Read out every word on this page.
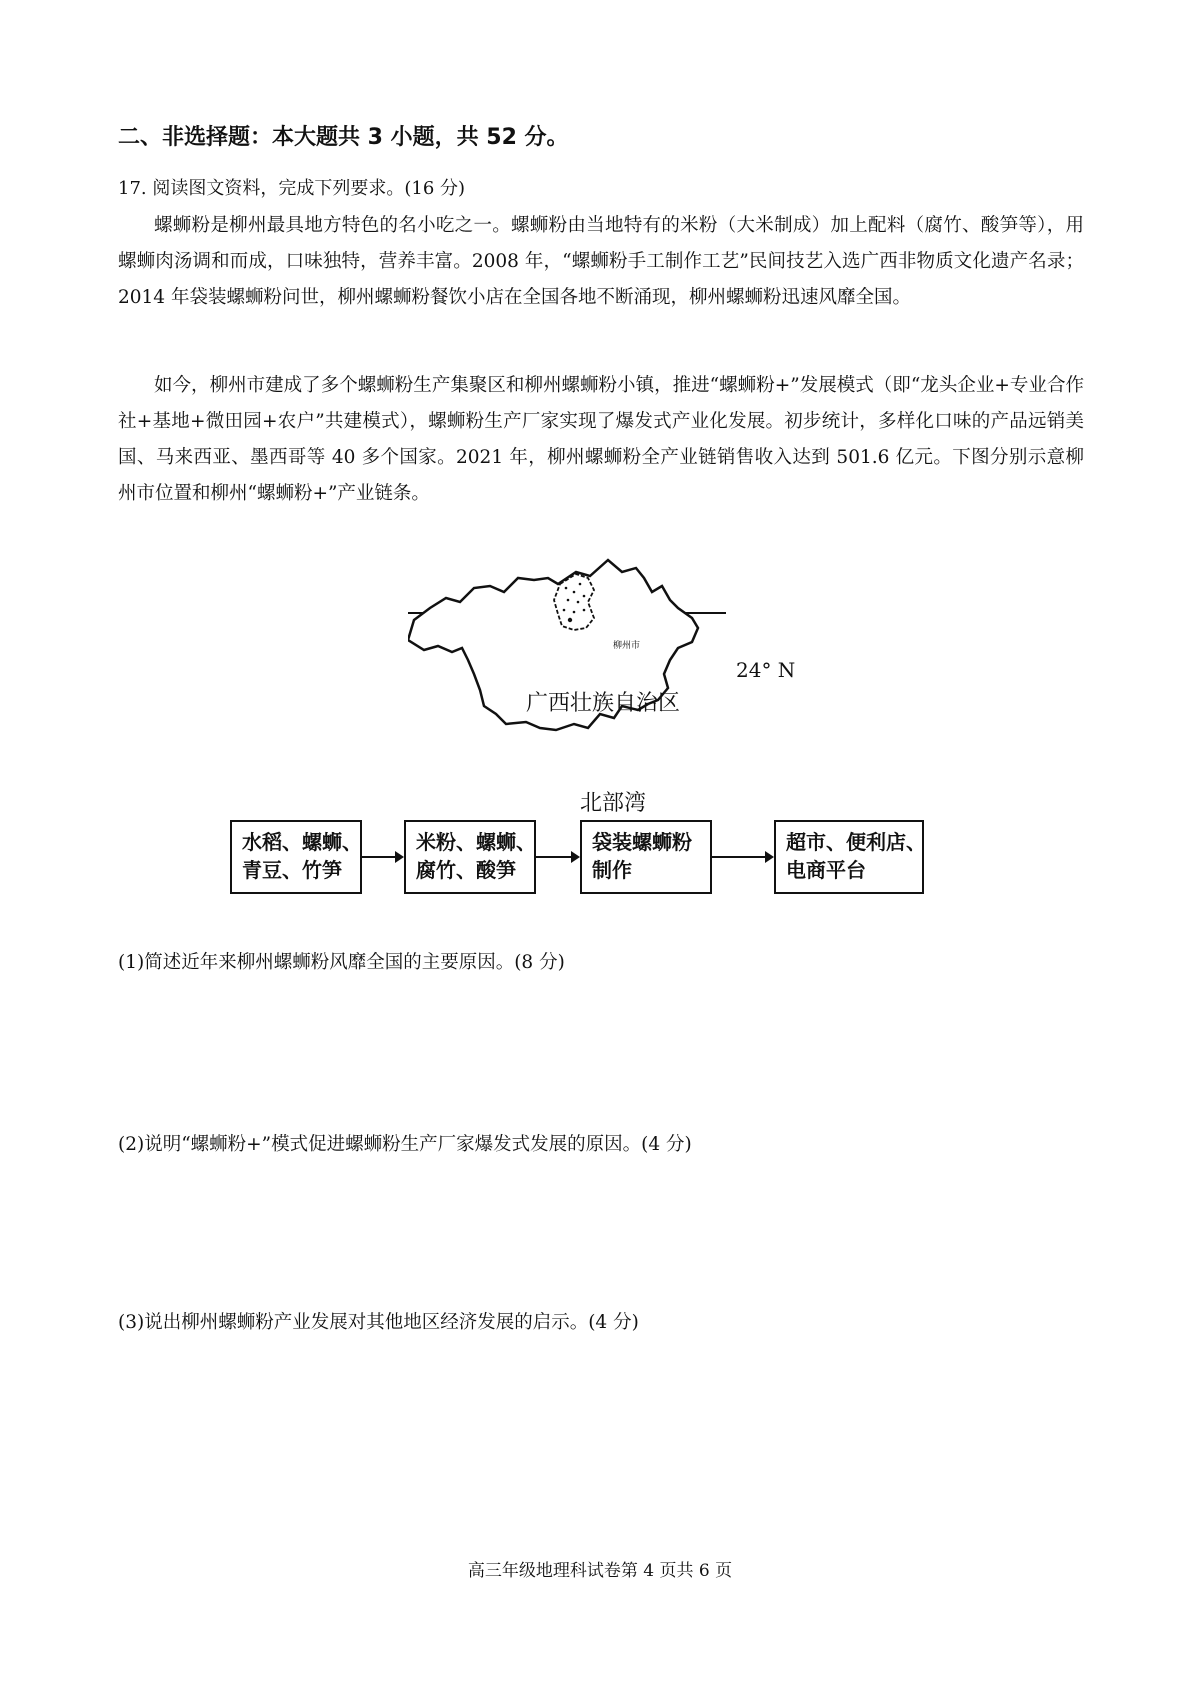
二、非选择题：本大题共 3 小题，共 52 分。
17. 阅读图文资料，完成下列要求。(16 分)

螺蛳粉是柳州最具地方特色的名小吃之一。螺蛳粉由当地特有的米粉（大米制成）加上配料（腐竹、酸笋等），用螺蛳肉汤调和而成，口味独特，营养丰富。2008 年，“螺蛳粉手工制作工艺”民间技艺入选广西非物质文化遗产名录；2014 年袋装螺蛳粉问世，柳州螺蛳粉餐饮小店在全国各地不断涌现，柳州螺蛳粉迅速风靡全国。

如今，柳州市建成了多个螺蛳粉生产集聚区和柳州螺蛳粉小镇，推进“螺蛳粉+”发展模式（即“龙头企业+专业合作社+基地+微田园+农户”共建模式），螺蛳粉生产厂家实现了爆发式产业化发展。初步统计，多样化口味的产品远销美国、马来西亚、墨西哥等 40 多个国家。2021 年，柳州螺蛳粉全产业链销售收入达到 501.6 亿元。下图分别示意柳州市位置和柳州“螺蛳粉+”产业链条。

柳州市
24° N
广西壮族自治区
北部湾
水稻、螺蛳、
青豆、竹笋
米粉、螺蛳、
腐竹、酸笋
袋装螺蛳粉
制作
超市、便利店、
电商平台
(1)简述近年来柳州螺蛳粉风靡全国的主要原因。(8 分)
(2)说明“螺蛳粉+”模式促进螺蛳粉生产厂家爆发式发展的原因。(4 分)
(3)说出柳州螺蛳粉产业发展对其他地区经济发展的启示。(4 分)
高三年级地理科试卷第 4 页共 6 页
